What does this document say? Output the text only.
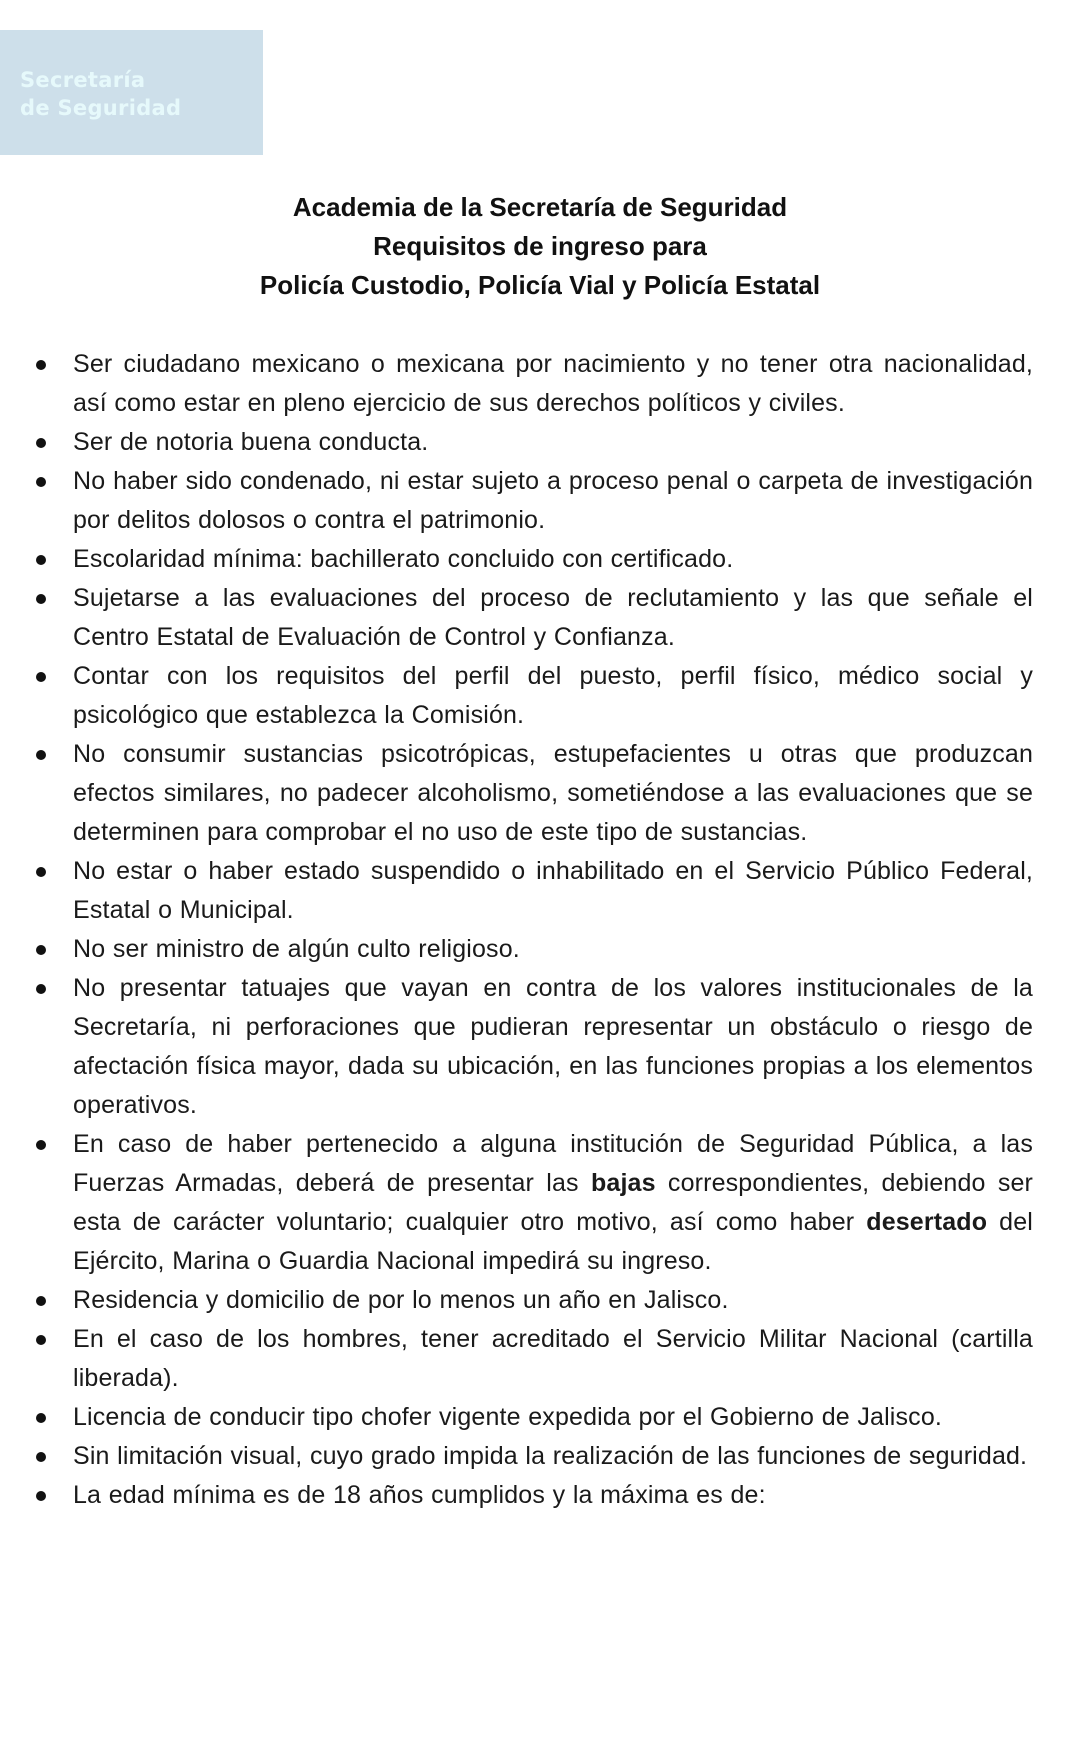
Secretaría
de Seguridad
Academia de la Secretaría de Seguridad
Requisitos de ingreso para
Policía Custodio, Policía Vial y Policía Estatal
Ser ciudadano mexicano o mexicana por nacimiento y no tener otra nacionalidad, así como estar en pleno ejercicio de sus derechos políticos y civiles.
Ser de notoria buena conducta.
No haber sido condenado, ni estar sujeto a proceso penal o carpeta de investigación por delitos dolosos o contra el patrimonio.
Escolaridad mínima: bachillerato concluido con certificado.
Sujetarse a las evaluaciones del proceso de reclutamiento y las que señale el Centro Estatal de Evaluación de Control y Confianza.
Contar con los requisitos del perfil del puesto, perfil físico, médico social y psicológico que establezca la Comisión.
No consumir sustancias psicotrópicas, estupefacientes u otras que produzcan efectos similares, no padecer alcoholismo, sometiéndose a las evaluaciones que se determinen para comprobar el no uso de este tipo de sustancias.
No estar o haber estado suspendido o inhabilitado en el Servicio Público Federal, Estatal o Municipal.
No ser ministro de algún culto religioso.
No presentar tatuajes que vayan en contra de los valores institucionales de la Secretaría, ni perforaciones que pudieran representar un obstáculo o riesgo de afectación física mayor, dada su ubicación, en las funciones propias a los elementos operativos.
En caso de haber pertenecido a alguna institución de Seguridad Pública, a las Fuerzas Armadas, deberá de presentar las bajas correspondientes, debiendo ser esta de carácter voluntario; cualquier otro motivo, así como haber desertado del Ejército, Marina o Guardia Nacional impedirá su ingreso.
Residencia y domicilio de por lo menos un año en Jalisco.
En el caso de los hombres, tener acreditado el Servicio Militar Nacional (cartilla liberada).
Licencia de conducir tipo chofer vigente expedida por el Gobierno de Jalisco.
Sin limitación visual, cuyo grado impida la realización de las funciones de seguridad.
La edad mínima es de 18 años cumplidos y la máxima es de:
